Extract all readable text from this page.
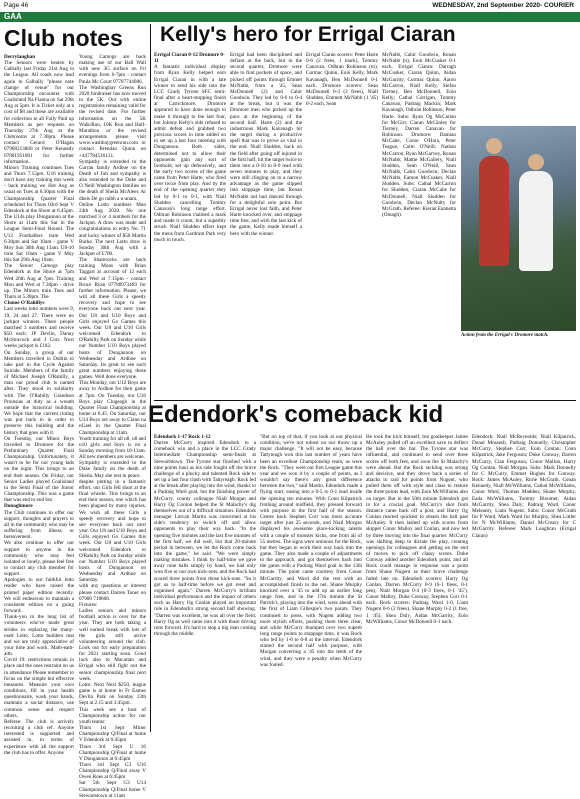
Page 46	WEDNESDAY, 2nd September 2020- COURIER
GAA
Club notes

Derrylaughan

The Seniors were beaten by Galbally last Friday 21st Aug in the League. All roads now lead again to Galbally "please note change of venue" for our Championship encounter with Coalisland Na Fianna on Sat 29th Aug at 5pm. It is Ticket only at a cost of $8 and these are available for collection to all Fully Paid up Members as per requests on Thursday 27th Aug at the Clubrooms at 7.30pm. Please contact Gerard O'Hagan 07968213860 or Peter Kennedy 07801951081 for further information.

Minors Training continues Tues and Thurs 7.15pm. U16 training don't have any training this week - back training we Hot Aug as usual on Tues at 6.30pm with the Championship Quarter Final scheduled for Thurs 03rd Sept V Edendork at the Shore at 6.45pm. The U14s play Dungannon at the Shore at 11am this Sat in the League Semi-Final Round. The U12 Footballers train Wed 6.30pm and Sat 10am - game V Moy Sun 30th Aug 11am. U8-10 train Sat 10am - game V Moy this Sat 29th Aug 10am.

The Senior Camogs play Edendork at the Shore at 7pm Wed 26th Aug at 7pm. Training Mon and Wed at 7.30pm - drive up. The Minors train Tues and Thurs at 5.30pm. The

Clonoe O'Rahillys

Last weeks lotto numbers were 9, 19, 24 and 27. There were no jackpot winners. There people matched 3 numbers and receive $50 each: JP Devlin, Danny McStravock and J Corr. Next weeks jackpot is £102.

On Sunday, a group of our Members travelled to Dublin to take part in the Cycle Against Suicide. Members of the family of Michael Joseph O'Rahilly, a man our proud club is named after. They stood in solidarity with The O'Rahilly Grandson Proinsias at duty as a wreath outside the historical building. We hope that the current rioting was put back in in order to preserve this building and the history that goes with it.

On Tuesday, our Minor Boys travelled to Dromore for the Preliminary Quarter Final Championship. Unfortunately, it wasn't to be for our young lads on the night. This brings to an end their season. On Friday, our Senior Ladies played Coalisland in the Semi Final of the Junior Championship. This was a game that was end to end but

Donaghmore

The Club continues to offer our support, thoughts and prayers to all in the community who may be suffering from illness or bereavement.

We also continue to offer our support to anyone in the community who may feel isolated or lonely, please feel free to contact any club member for support.

Apologies to our faithful lotto reader who have raised the printed paper edition recently. We will endeavour to maintain a consistent edition on a going forward.

Thank-you to the long list of volunteers who've made great strides in replacing the many-used Lotto. Lotto builders mat and we are truly appreciative of your time and work. Math-eath-aith.

Covid 19: restrictions remain in place and the ones restraint on us in attendance Please remember to focus on the simple but effective measures. Measure your own conditions, fill in your health questionnaire, wash your hands, maintain a social distance, use common sense and respect others.

Referee: The club is actively recruiting a club ref. Anyone interested is supported and assisted in, in terms of experience with all the support the club has to offer. Anyone

Young Camogs are back making use of our Ball Wall with new 3G surface on Fri evenings from 6-7pm - contact Paula Mc Court 07707744086.

The Washingbay Greens Run 2020 fundraiser has now moved to the 5K. Out with online registrations remaining valid for the revised date. For further information on the 5K Walk/Run, 10K Run and Half-Marathon or the revised arrangements please visit www.washbaygreenrun.com or contact Brendan Quinn on +447784516131.

Sympathy is extended to the Curran family Ardboe on the Death of Jim and sympathy is also extended to the Duke and O Neill Washington families on the death of Sheila McAleer. Ar dheis Dé go raibh a n-anam.

Online Lotto numbers Mon 24th Aug 2020. No one matched 3 or 4 numbers for the Jackpot. A draw was made and congratulations to entry No. 71 and lucky winner of $50 Martin Burke. The next Lotto draw is Sunday 30th Aug with a Jackpot of £700.

The Shamrocks are back training Mons with Brian Taggart at account of 12 each and Wed at 7.15pm - contact Bruce Ryan 07788973469 for further information. Please, we will all these Girls a speedy recovery and hope to see everyone back out next year. Our U8 and U10 Boys and Girls enjoyed Go Games this week. Our U8 and U10 Girls welcomed Edendork to O'Rahilly Park on Sunday while our Number U10 Boys played hosts of Dungannon on Wednesday and Ardboe on Saturday. Its great to see such great numbers enjoying these games. Well done everyone.

This Monday, our U12 Boys are away to Ardboe for their game at 7pm. On Tuesday, our U16 Boys play Clogeagh in the Quarter Final Championship at home at 6.45. On Saturday, our U14 Boys are away to Clann na nGael in the Quarter Final Championship at 11am.

Youth training for all u8, u8 and u10 girls and boys is on a Sunday morning from 10-11am. All new members are welcome.

Sympathy is extended to the Duke family on the death of Sheila. May she rest in peace.

despite putting in a fantastic effort, our Girls fell short at the final whistle. This brings to an end their season, one which has been plagued by many injuries. We wish all these Girls a speedy recovery and hope to see everyone back out next year. Our U8 and U10 Boys and Girls enjoyed Go Games this week. Our U8 and U10 Girls welcomed Edendork to O'Rahilly Park on Sunday while our Number U10 Boys played hosts of Dungannon on Wednesday and Ardboe on Saturday.

with any questions or interest please contact Darren Toner on 07900 718608.

Fixtures:

Ladies seniors and minors football action is over for the year. They are both taking a well earned break with lots of the girls still active volunteering around the club. Look out for early preparation for 2021 starting soon. Good luck also to Macartan and Errigal who still fight out the senior championship final next week.

Lotto: Next Next $250, league game is at home in Fr Eames Devlin Park on Sunday 13th Sept at 2.15 and 3:45pm.

This week see a host of Championship action for our youth teams:

Thurs 1st Sept Minor Championship Q/Final at home V Edendork at 6:45pm

Thurs 3rd Sept U 16 Championship Q/Final at home V Dungannon at 6:45pm

Thurs 3rd Sept G3 U16 Championship Q/Final away V Owen Roes at 6:45pm

Sat 5th Sept G3 U14 Championship Q/Final home V Stewartstown at 11am

Kelly's hero for Errigal Ciaran

Errigal Ciaran 0-12 Dromore 0-11

A fantastic individual display from Ryan Kelly helped earn Errigal Ciaran in with a late winner to send his side into the LCC Grady Tyrone SFC semi-final after a heart-stopping finish at Carrickmore. Dromore appeared to have done enough to make it through to the last four, but Johnny Kelly's side refused to admit defeat and grabbed two precious scores in time added on to set up a last four meeting with Dungannon. Both sides, determined not to allow their opponents gain any sort of foothold, set up defensively, and the early two scores of the game came from Peter Harte, who fired over twice from play. And by the end of the opening quarter they led by 0-1 to 0-1, with Niall Sludden cancelling Tommy Canavan's long range effort. Odhran Robinson claimed a mark and made it count, but a superbly struck Niall Sludden effort kept the mens from Gardrum Park very much in touch.

Errigal had been disciplined and defiant at the back, but in the second quarter, Dromore were able to find pockets of space, and picked off points through Emmet McNabb, from a '45, Sean McDonnell (2) and Cahir Goodwin. They led by 0-6 to 0-4 at the break, but it was the Dromore men who picked up the pace at the beginning of the second half. Harte (2) and the industrious Mark Kavanagh hit the target during a productive spell that was to prove so vital in the end. Niall Sludden, back on the field after going off injured in the first half, hit the target twice to them into a 0-10 to 0-9 lead with seven minutes to play, and they were still clinging on to a narrow advantage as the game slipped into stoppage time, but Ronan McNabb ind had danced through for a delightful solo point. But Errigal never lost faith, and Peter Harte knocked over, and stoppage time free, and with the last kick of the game, Kelly made himself a hero with the winner.

Errigal Ciaran scorers: Peter Harte 0-6 (2 frees, 1 mark), Tommy Canavan, Odhran Robinson (m), Cormac Quinn, Eoin Kelly, Mark Kavanagh, Ben McDonnell 0-1 each. Dromore scorers: Sean McDonnell 0-3 (2 frees), Niall Sludden, Emmett McNabb (1 '45) 0-2 each, Sean

McNabb, Cahir Goodwin, Ronan McNabb (n), Eoin McCusker 0-1 each. Errigal Ciaran: Darragh McCusker, Ciaran Quinn, Aidan McGarrity, Cormac Quinn, Aaron McCarron, Niall Kelly, Stefan Tierney, Ben McDonnell, Eoin Kelly; Cathal Corrigan, Tommy Canavan, Padraig Mackin; Mark Kavanagh, Odhran Robinson, Peter Harte. Subs: Ryan Og McCartan for McGirr, Ciaran McGinley for Tierney, Darren Canavan for Robinson. Dromore: Damian McCabe, Conor O'Hara, Peter Teague, Colm O'Neill; Nathan McCarron, Ryan McGarvey, Ronan McNabb; Mattie McGallery, Niall Sludden, Sean O'Neill, Sean McNabb, Cahir Goodwin; Declan McNabb, Eamon McCusker, Niall Sludden. Subs: Cathal McCarron for Sludden, Ciaran McCabe for McDonnell, Niall Sludden for Goodwin, Declan McNulty for McGrath. Referee: Kieran Eannetta (Omagh).

Action from the Errigal v Dromore match.
Edendork's comeback kid

Edendork 1-17 Rock 1-12

Darren McCurry inspired Edendork to a comeback win and a place in the LCC Grady Intermediate Championship semi-finals at Stewartstown. The Tyrone star finished with a nine points haul as his side fought off the brave challenge of a plucky and talented Rock side to set up a last four clash with Tattyreagh. Rock led at the break after playing into the wind, thanks to a Padraig Ward goal, but the finishing power of McCurry, county colleague Niall Morgan and Harry Og Conlon helped the St Malachy's dig themselves out of a difficult situation. Edendork manager Lorcan Martin was concerned at his side's tendency to switch off and allow opponents to play their way back. "In the opening five minutes and the last five minutes of the first half, we did well, but that 20-minute period in between, we let the Rock come back into the game," he said. "We were simply making mistakes. I think by half-time we gave away nine balls simply by hand, we had only won five or our own kick-outs, and the Rock had scored three points from those kick-outs. "So it got us to half-time before we got reset and organised again." Darren McCurry's brilliant individual performance and the impact of others such as Harry Og Conlan played an important role in Edendork's strong second half showing. "Darren was excellent, he was all over the field, Harry Og as well came into it with those driving runs forward. It's hard to stop a big man coming through the middle.

"But on top of that, if you look at our physical condition, we're not robust on our throw up a major challenge. "It will not be easy, because Tattyreagh won this last number of years have been an excellent Championship team, as were the Rock. "They were our first League game this year and we won it by a couple of points, as I wouldn't say there's any great difference between the two," said Martin. Edendork made a flying start, easing into a 0-5 to 0-1 lead inside the opening ten minutes. With Conn Kilpatrick frothing around midfield, they pressed forward with purpose in the first half of the season. Centre back Stephen Corr was most accurate target after just 25 seconds, and Niall Morgan displayed his awesome place-kicking talents with a couple of monster kicks, one from all of 55 metres. The signs were ominous for the Rock, but they began to work their way back into the game. They also made a couple of adjustments to the approach, and got themselves back into the game with a Padraig Ward goal in the 13th minute. The point came courtesy from Conor McGarrity, and Ward did the rest with an accomplished finish to the net. Shane Murphy knocked over a '45 to add up an earlier long range free, and in the 17th minute the St Patrick's, playing into the wind, were ahead with the first of Liam Gillespie's two points. They continued to press, with Nugent adding two more stylish efforts, pushing them three clear, and while McCurry thumped over two superb long range points to stoppage time, it was Rock who led by 1-6 to 0-8 at the interval. Edendork started the second half with purpose, with Morgan converting a '45 into the teeth of the wind, and they were a penalty when McCurry was fouled.

He took the kick himself, but goalkeeper James McAuley pulled off an excellent save to deflect the ball over the bar. The Tyrone star was influential, and continued to send over three scores off both feet, and soon the St Malachy's were ahead. But the Rock tackling was strong and decisive, and they drove back a series of attacks to raid for points from Nugent, who pulled them off with style and class to restore the three points lead, with Eoin McWilliams also on target. But in the 50th minute Edendork got in for a crucial goal. McCurry's shot from distance came back off a post, and Harry Og Conlan reacted quickest to smash the ball past McAuley. It then lashed up with scores from skipper Conor Malloy and Conlan, and now led by three moving into the final quarter. McCurry was shifting deep to dictate the play, creating openings for colleagues and getting on the end of moves to pick off classy scores. Duke Conway added another Edendork point, and all Rock could manage in response was a point from Shane Nugent as their brave challenge faded late on. Edendork scorers: Harry Og Conlan, Darren McCurry 0-9 (6-1 frees, 0-1 pen), Niall Morgan 0-4 (0-3 frees, 0-1 '45'), Conor Malloy, Duke Conway, Stephen Corr 0-1 each. Rock scorers: Padraig Ward 1-0, Liam Nugent 0-6 (2 frees), Shane Murphy 0-2 (1 free, 1 '45), Shea Duly, Aidan McGarrity, Eoin McWilliams, Conor McDonnell 0-1 each.

Edendork: Niall McReynolds; Niall Kilpatrick, Donal Mossesh, Padraig Donnelly, Christopher McCurry, Stephen Corr, Eoin Conlan; Conn Kilpatrick, Jake Ferguson; Duke Conway, Darren McCurry, Cian Ferguson, Conor Mallon, Harry Og Conlan, Niall Morgan. Subs: Mark Donnelly for C McCurry, Emmet Hughes for Conway. Rock: James McAuley, Rorie McGrath, Conan Kennedy, Niall McWilliams, Cathal McWilliams, Conor Ward, Thomas Madden; Shane Murphy, Eada McWilliams, Tommy Bloomer, Aidan McGarrity, Shea Daly; Padraig Ward, Conor Meleanty, Liam Nugent. Subs: Conor McGrath for P Ward, Mark Ward for Murphy, Shea Littler for N McWilliams, Daniel McCreary for C McGarrity. Referee: Mark Loughran (Errigal Ciaran)
